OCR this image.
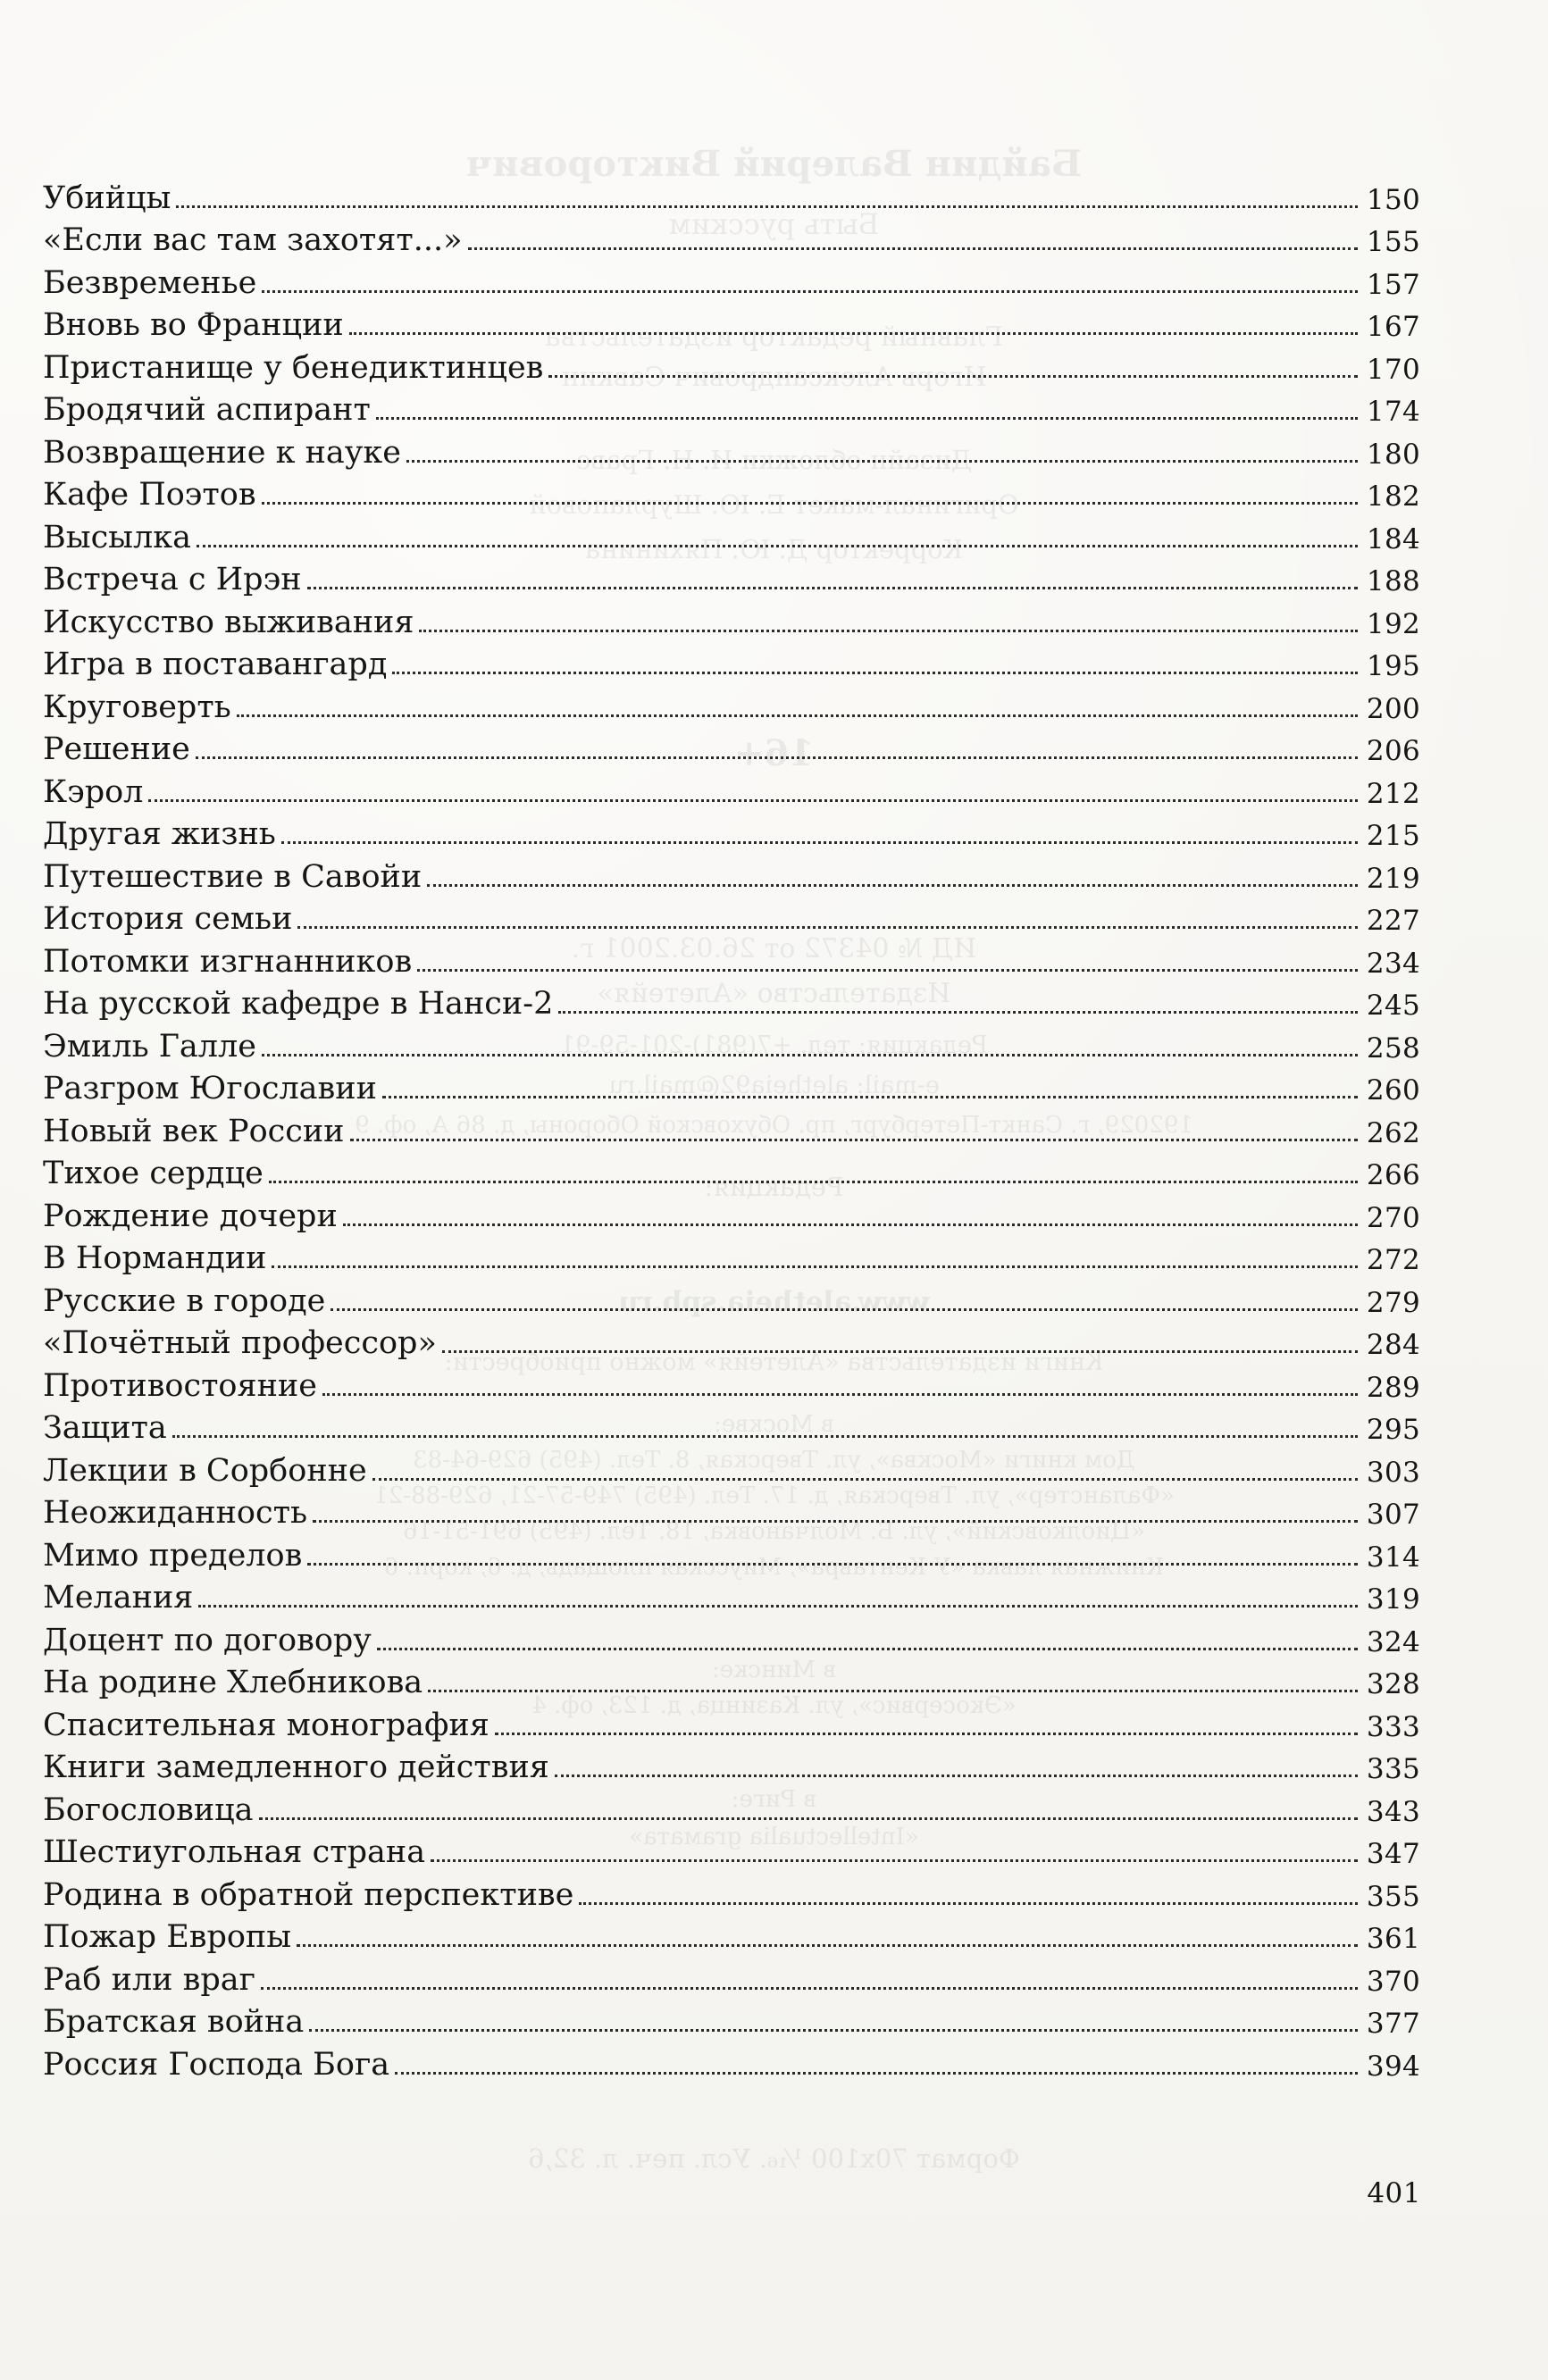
Байдин Валерий Викторович
Быть русским
Главный редактор издательства
Игорь Александрович Савкин
Дизайн обложки И. Н. Граве
Оригинал-макет Е. Ю. Шурлаповой
Корректор Д. Ю. Пяхинина
16+
ИД № 04372 от 26.03.2001 г.
Издательство «Алетейя»
Редакция: тел. +7(981)-201-59-91
e-mail: aletheia92@mail.ru
192029, г. Санкт-Петербург, пр. Обуховской Обороны, д. 86 А, оф. 9
Редакция:
www.aletheia.spb.ru
Книги издательства «Алетейя» можно приобрести:
в Москве:
Дом книги «Москва», ул. Тверская, 8. Тел. (495) 629-64-83
«Фаланстер», ул. Тверская, д. 17. Тел. (495) 749-57-21, 629-88-21
«Циолковский», ул. Б. Молчановка, 18. Тел. (495) 691-51-16
Книжная лавка «У Кентавра», Миусская площадь, д. 6, корп. 6
в Минске:
«Экосервис», ул. Казинца, д. 123, оф. 4
в Риге:
«Intellectualia grамата»
Формат 70х100 ¹⁄₁₆. Усл. печ. л. 32,6
Убийцы	150
«Если вас там захотят...»	155
Безвременье	157
Вновь во Франции	167
Пристанище у бенедиктинцев	170
Бродячий аспирант	174
Возвращение к науке	180
Кафе Поэтов	182
Высылка	184
Встреча с Ирэн	188
Искусство выживания	192
Игра в поставангард	195
Круговерть	200
Решение	206
Кэрол	212
Другая жизнь	215
Путешествие в Савойи	219
История семьи	227
Потомки изгнанников	234
На русской кафедре в Нанси-2	245
Эмиль Галле	258
Разгром Югославии	260
Новый век России	262
Тихое сердце	266
Рождение дочери	270
В Нормандии	272
Русские в городе	279
«Почётный профессор»	284
Противостояние	289
Защита	295
Лекции в Сорбонне	303
Неожиданность	307
Мимо пределов	314
Мелания	319
Доцент по договору	324
На родине Хлебникова	328
Спасительная монография	333
Книги замедленного действия	335
Богословица	343
Шестиугольная страна	347
Родина в обратной перспективе	355
Пожар Европы	361
Раб или враг	370
Братская война	377
Россия Господа Бога	394
401
